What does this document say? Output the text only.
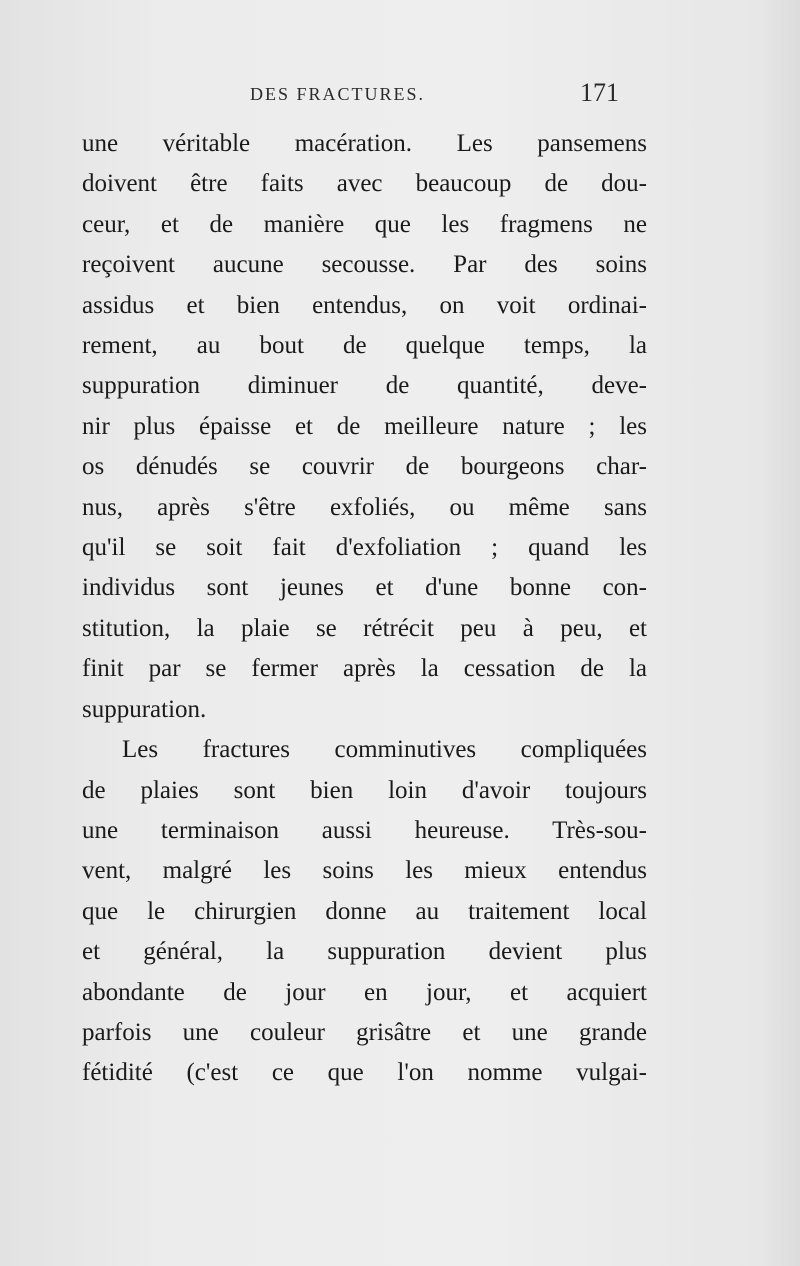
DES FRACTURES.	171
une véritable macération. Les pansemens
doivent être faits avec beaucoup de dou-
ceur, et de manière que les fragmens ne
reçoivent aucune secousse. Par des soins
assidus et bien entendus, on voit ordinai-
rement, au bout de quelque temps, la
suppuration diminuer de quantité, deve-
nir plus épaisse et de meilleure nature ; les
os dénudés se couvrir de bourgeons char-
nus, après s'être exfoliés, ou même sans
qu'il se soit fait d'exfoliation ; quand les
individus sont jeunes et d'une bonne con-
stitution, la plaie se rétrécit peu à peu, et
finit par se fermer après la cessation de la
suppuration.
Les fractures comminutives compliquées
de plaies sont bien loin d'avoir toujours
une terminaison aussi heureuse. Très-sou-
vent, malgré les soins les mieux entendus
que le chirurgien donne au traitement local
et général, la suppuration devient plus
abondante de jour en jour, et acquiert
parfois une couleur grisâtre et une grande
fétidité (c'est ce que l'on nomme vulgai-
